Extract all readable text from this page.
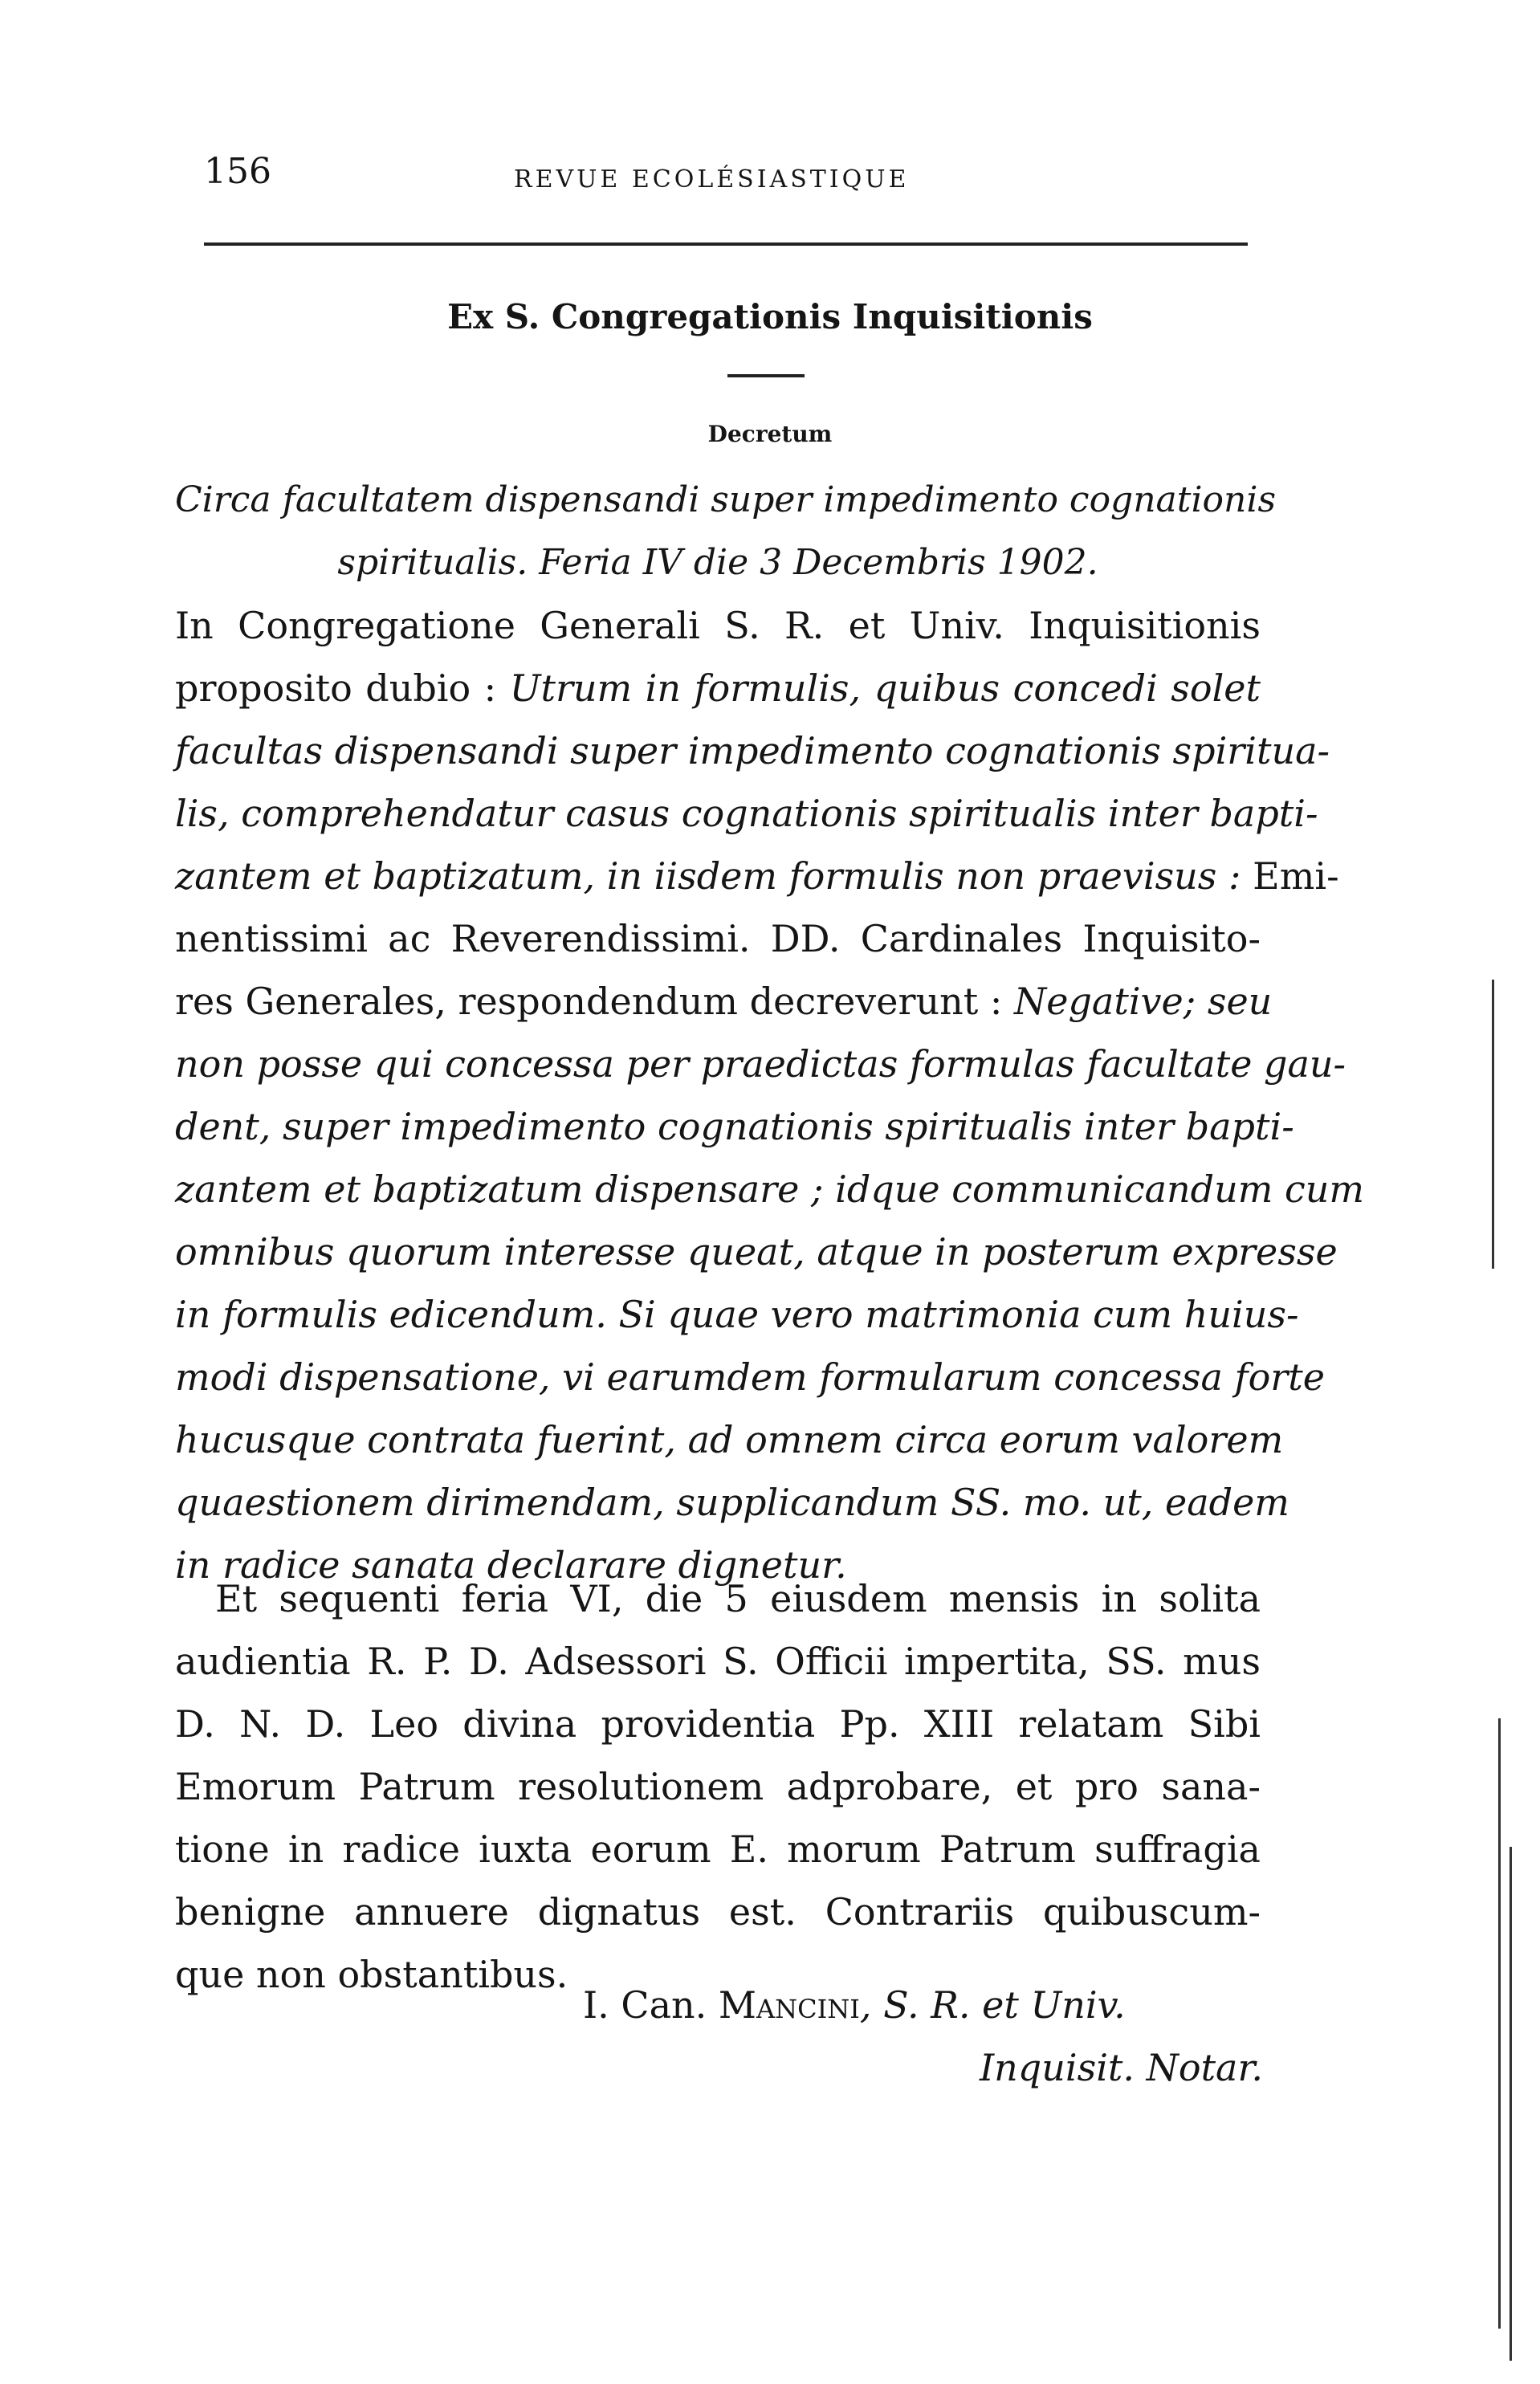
156	REVUE ECOLÉSIASTIQUE
Ex S. Congregationis Inquisitionis
Decretum
Circa facultatem dispensandi super impedimento cognationis
spiritualis. Feria IV die 3 Decembris 1902.
In Congregatione Generali S. R. et Univ. Inquisitionis
proposito dubio : Utrum in formulis, quibus concedi solet
facultas dispensandi super impedimento cognationis spiritua-
lis, comprehendatur casus cognationis spiritualis inter bapti-
zantem et baptizatum, in iisdem formulis non praevisus : Emi-
nentissimi ac Reverendissimi. DD. Cardinales Inquisito-
res Generales, respondendum decreverunt : Negative; seu
non posse qui concessa per praedictas formulas facultate gau-
dent, super impedimento cognationis spiritualis inter bapti-
zantem et baptizatum dispensare ; idque communicandum cum
omnibus quorum interesse queat, atque in posterum expresse
in formulis edicendum. Si quae vero matrimonia cum huius-
modi dispensatione, vi earumdem formularum concessa forte
hucusque contrata fuerint, ad omnem circa eorum valorem
quaestionem dirimendam, supplicandum SS. mo. ut, eadem
in radice sanata declarare dignetur.
Et sequenti feria VI, die 5 eiusdem mensis in solita
audientia R. P. D. Adsessori S. Officii impertita, SS. mus
D. N. D. Leo divina providentia Pp. XIII relatam Sibi
Emorum Patrum resolutionem adprobare, et pro sana-
tione in radice iuxta eorum E. morum Patrum suffragia
benigne annuere dignatus est. Contrariis quibuscum-
que non obstantibus.
I. Can. Mancini, S. R. et Univ.
Inquisit. Notar.
